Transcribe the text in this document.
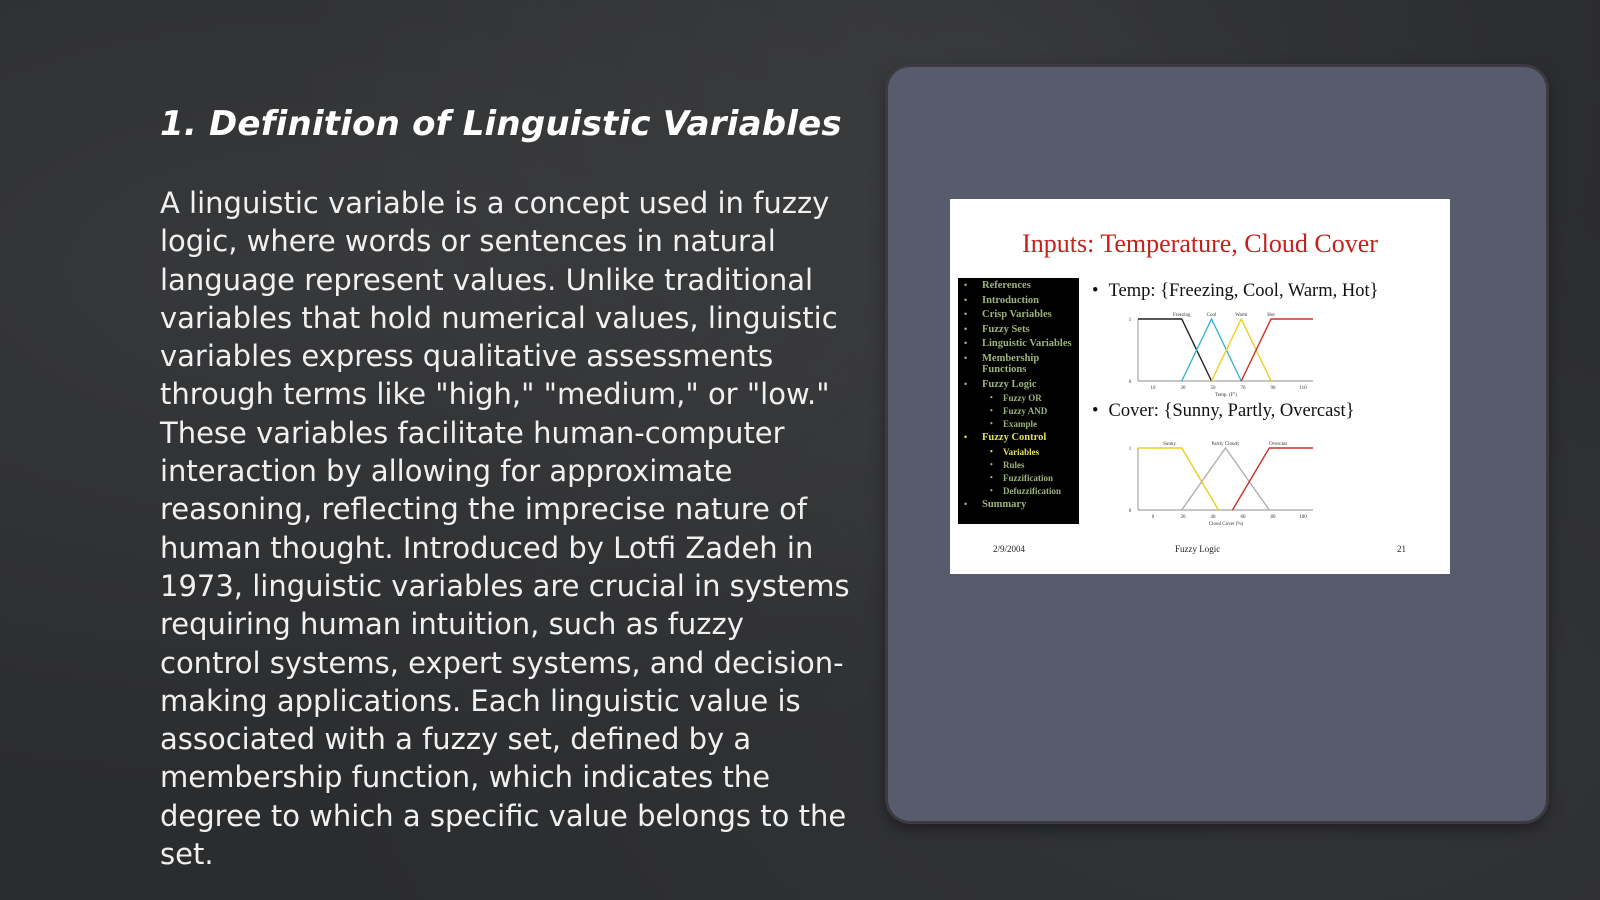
1. Definition of Linguistic Variables

A linguistic variable is a concept used in fuzzy logic, where words or sentences in natural language represent values. Unlike traditional variables that hold numerical values, linguistic variables express qualitative assessments through terms like "high," "medium," or "low." These variables facilitate human-computer interaction by allowing for approximate reasoning, reflecting the imprecise nature of human thought. Introduced by Lotfi Zadeh in 1973, linguistic variables are crucial in systems requiring human intuition, such as fuzzy control systems, expert systems, and decision-making applications. Each linguistic value is associated with a fuzzy set, defined by a membership function, which indicates the degree to which a specific value belongs to the set.

Inputs: Temperature, Cloud Cover
• References
• Introduction
• Crisp Variables
• Fuzzy Sets
• Linguistic Variables
• Membership Functions
• Fuzzy Logic
• Fuzzy OR
• Fuzzy AND
• Example
• Fuzzy Control
• Variables
• Rules
• Fuzzification
• Defuzzification
• Summary
• Temp: {Freezing, Cool, Warm, Hot}
1
0
10	30	50	70	90	110
Temp. (F°)
Freezing	Cool	Warm	Hot
• Cover: {Sunny, Partly, Overcast}
1
0
0	20	40	60	80	100
Cloud Cover (%)
Sunny	Partly Cloudy	Overcast
2/9/2004	Fuzzy Logic	21
